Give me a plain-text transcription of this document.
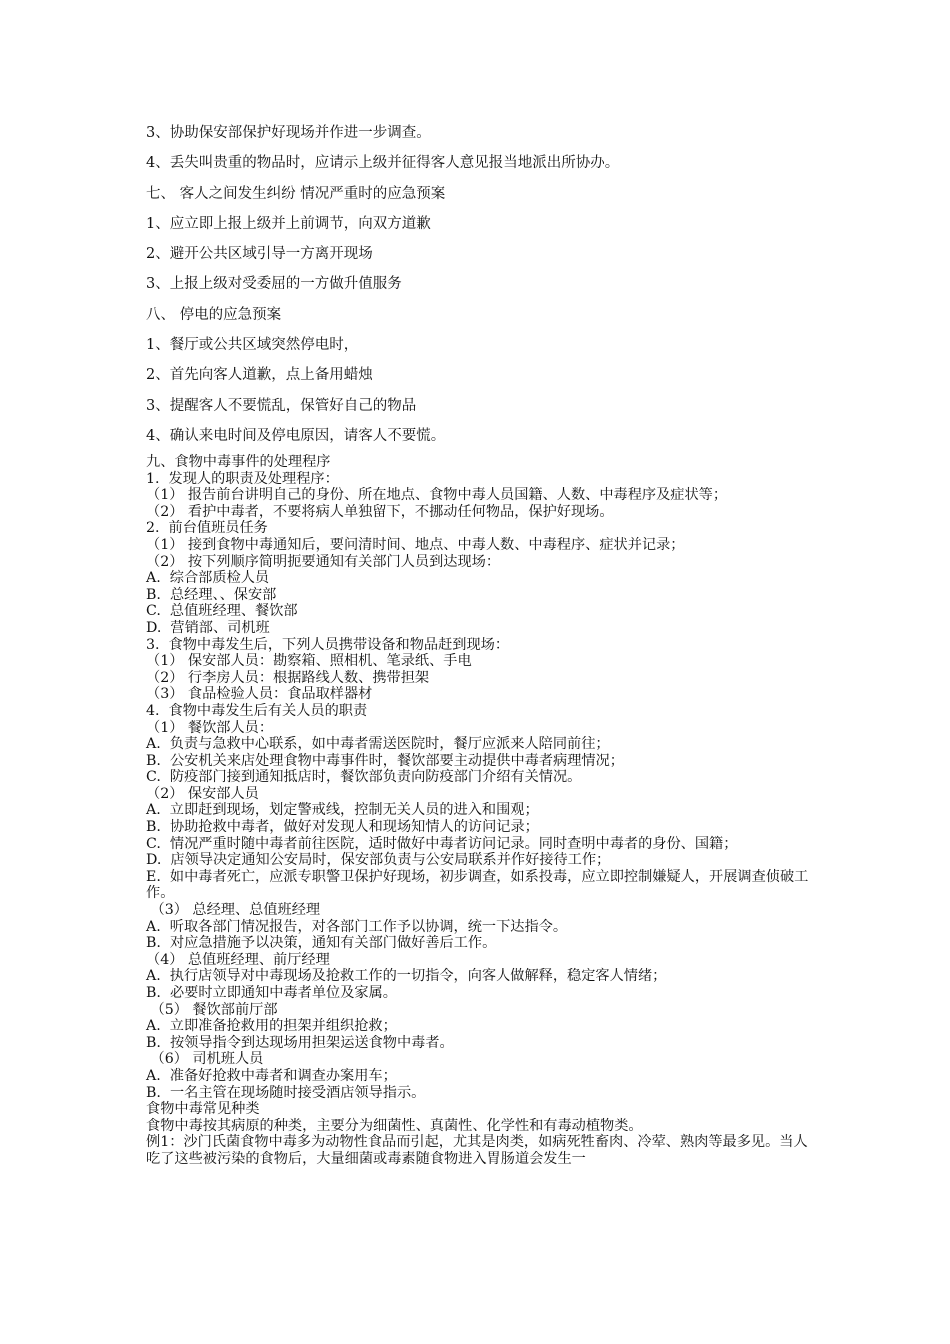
3、协助保安部保护好现场并作进一步调查。
4、丢失叫贵重的物品时，应请示上级并征得客人意见报当地派出所协办。
七、 客人之间发生纠纷 情况严重时的应急预案
1、应立即上报上级并上前调节，向双方道歉
2、避开公共区域引导一方离开现场
3、上报上级对受委屈的一方做升值服务
八、 停电的应急预案
1、餐厅或公共区域突然停电时，
2、首先向客人道歉，点上备用蜡烛
3、提醒客人不要慌乱，保管好自己的物品
4、确认来电时间及停电原因，请客人不要慌。
九、食物中毒事件的处理程序
1.  发现人的职责及处理程序：
（1） 报告前台讲明自己的身份、所在地点、食物中毒人员国籍、人数、中毒程序及症状等；
（2） 看护中毒者，不要将病人单独留下，不挪动任何物品，保护好现场。
2.  前台值班员任务
（1） 接到食物中毒通知后，要问清时间、地点、中毒人数、中毒程序、症状并记录；
（2） 按下列顺序简明扼要通知有关部门人员到达现场：
A.  综合部质检人员
B.  总经理、、保安部
C.  总值班经理、餐饮部
D.  营销部、司机班
3.  食物中毒发生后，下列人员携带设备和物品赶到现场：
（1） 保安部人员：勘察箱、照相机、笔录纸、手电
（2） 行李房人员：根据路线人数、携带担架
（3） 食品检验人员：食品取样器材
4.  食物中毒发生后有关人员的职责
（1） 餐饮部人员：
A.  负责与急救中心联系，如中毒者需送医院时，餐厅应派来人陪同前往；
B.  公安机关来店处理食物中毒事件时，餐饮部要主动提供中毒者病理情况；
C.  防疫部门接到通知抵店时，餐饮部负责向防疫部门介绍有关情况。
（2） 保安部人员
A.  立即赶到现场，划定警戒线，控制无关人员的进入和围观；
B.  协助抢救中毒者，做好对发现人和现场知情人的访问记录；
C.  情况严重时随中毒者前往医院，适时做好中毒者访问记录。同时查明中毒者的身份、国籍；
D.  店领导决定通知公安局时，保安部负责与公安局联系并作好接待工作；
E.  如中毒者死亡，应派专职警卫保护好现场，初步调查，如系投毒，应立即控制嫌疑人，开展调查侦破工作。
（3） 总经理、总值班经理
A.  听取各部门情况报告，对各部门工作予以协调，统一下达指令。
B.  对应急措施予以决策，通知有关部门做好善后工作。
（4） 总值班经理、前厅经理
A.  执行店领导对中毒现场及抢救工作的一切指令，向客人做解释，稳定客人情绪；
B.  必要时立即通知中毒者单位及家属。
（5） 餐饮部前厅部
A.  立即准备抢救用的担架并组织抢救；
B.  按领导指令到达现场用担架运送食物中毒者。
（6） 司机班人员
A.  准备好抢救中毒者和调查办案用车；
B.  一名主管在现场随时接受酒店领导指示。
食物中毒常见种类
食物中毒按其病原的种类，主要分为细菌性、真菌性、化学性和有毒动植物类。
例1：沙门氏菌食物中毒多为动物性食品而引起，尤其是肉类，如病死牲畜肉、冷荤、熟肉等最多见。当人吃了这些被污染的食物后，大量细菌或毒素随食物进入胃肠道会发生一
